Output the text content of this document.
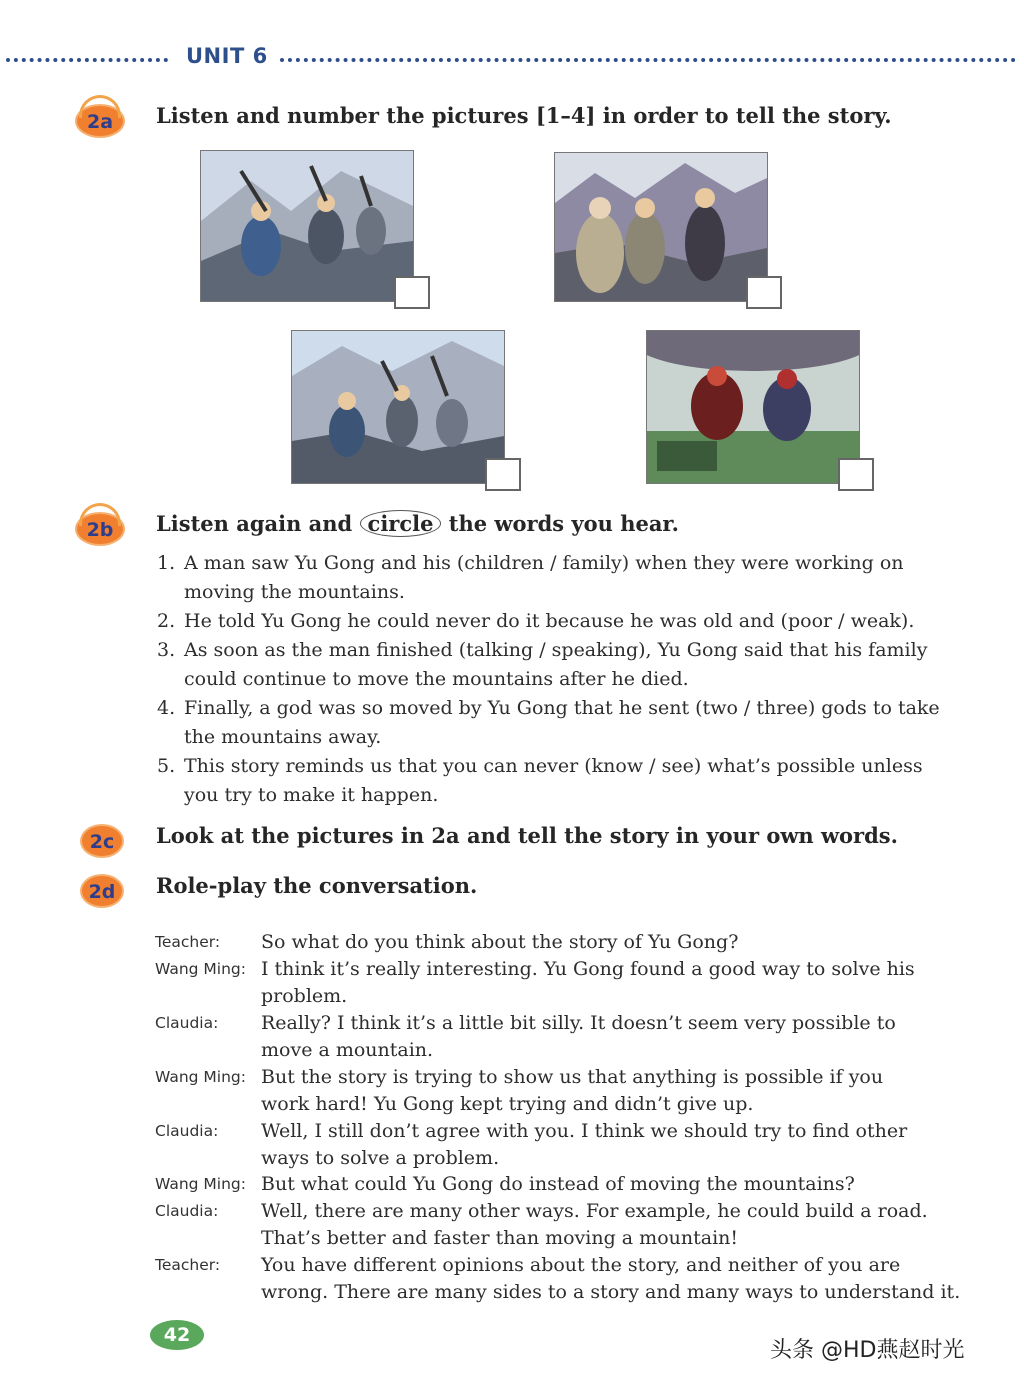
UNIT 6
2a	Listen and number the pictures [1–4] in order to tell the story.
2b	Listen again and circle the words you hear.
1. A man saw Yu Gong and his (children / family) when they were working on
moving the mountains.
2. He told Yu Gong he could never do it because he was old and (poor / weak).
3. As soon as the man finished (talking / speaking), Yu Gong said that his family
could continue to move the mountains after he died.
4. Finally, a god was so moved by Yu Gong that he sent (two / three) gods to take
the mountains away.
5. This story reminds us that you can never (know / see) what’s possible unless
you try to make it happen.
2c	Look at the pictures in 2a and tell the story in your own words.
2d	Role-play the conversation.
Teacher: So what do you think about the story of Yu Gong?
Wang Ming: I think it’s really interesting. Yu Gong found a good way to solve his
problem.
Claudia: Really? I think it’s a little bit silly. It doesn’t seem very possible to
move a mountain.
Wang Ming: But the story is trying to show us that anything is possible if you
work hard! Yu Gong kept trying and didn’t give up.
Claudia: Well, I still don’t agree with you. I think we should try to find other
ways to solve a problem.
Wang Ming: But what could Yu Gong do instead of moving the mountains?
Claudia: Well, there are many other ways. For example, he could build a road.
That’s better and faster than moving a mountain!
Teacher: You have different opinions about the story, and neither of you are
wrong. There are many sides to a story and many ways to understand it.
42
头条 @HD燕赵时光
